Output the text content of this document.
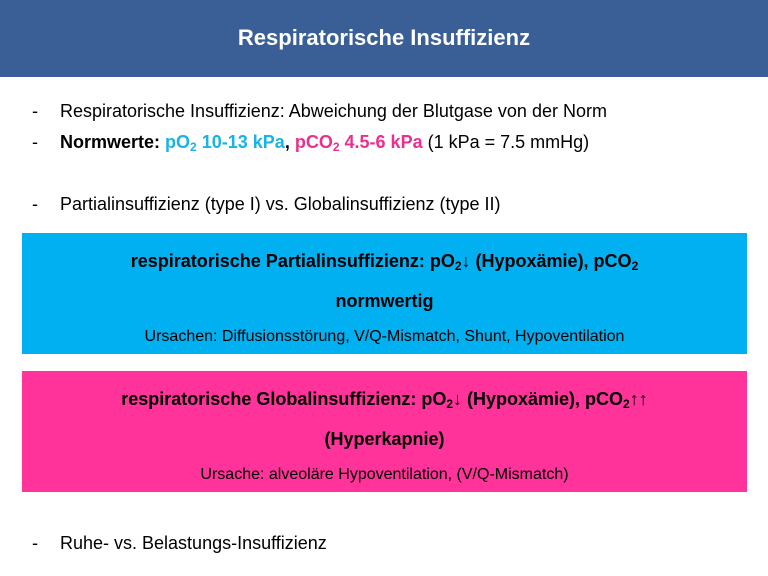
Respiratorische Insuffizienz
- Respiratorische Insuffizienz: Abweichung der Blutgase von der Norm
- Normwerte: $pO_2$ 10-13 kPa, pCO$_2$ 4.5-6 kPa (1 kPa = 7.5 mmHg)
- Partialinsuffizienz (type I) vs. Globalinsuffizienz (type II)
respiratorische Partialinsuffizienz: $pO_2↓$ (Hypoxämie), pCO$_2$
normwertig
Ursachen: Diffusionsstörung, V/Q-Mismatch, Shunt, Hypoventilation
respiratorische Globalinsuffizienz: $pO_2↓$ (Hypoxämie), pCO$_2$↑↑
(Hyperkapnie)
Ursache: alveoläre Hypoventilation, (V/Q-Mismatch)
- Ruhe- vs. Belastungs-Insuffizienz
